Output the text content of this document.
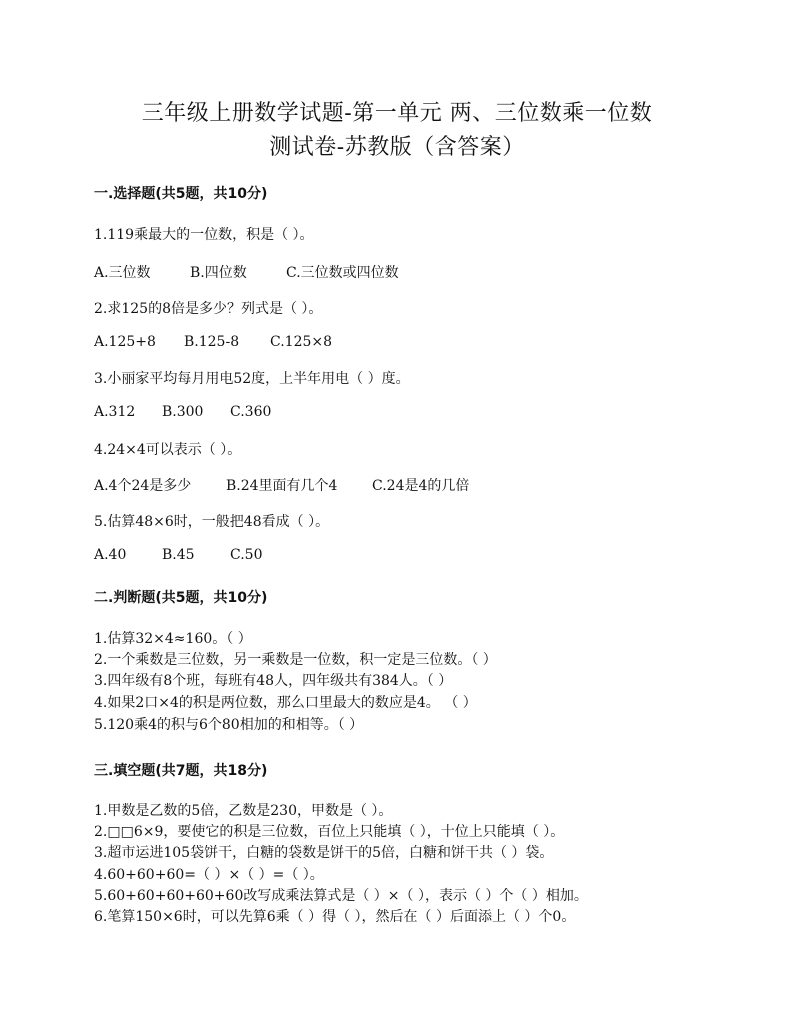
三年级上册数学试题-第一单元 两、三位数乘一位数
测试卷-苏教版（含答案）
一.选择题(共5题，共10分)
1.119乘最大的一位数，积是（ ）。
A.三位数	B.四位数	C.三位数或四位数
2.求125的8倍是多少？列式是（ ）。
A.125+8 B.125-8 C.125×8
3.小丽家平均每月用电52度，上半年用电（ ）度。
A.312 B.300 C.360
4.24×4可以表示（ ）。
A.4个24是多少 B.24里面有几个4 C.24是4的几倍
5.估算48×6时，一般把48看成（ ）。
A.40	B.45	C.50
二.判断题(共5题，共10分)
1.估算32×4≈160。（ ）
2.一个乘数是三位数，另一乘数是一位数，积一定是三位数。（ ）
3.四年级有8个班，每班有48人，四年级共有384人。（ ）
4.如果2口×4的积是两位数，那么口里最大的数应是4。 （ ）
5.120乘4的积与6个80相加的和相等。（ ）
三.填空题(共7题，共18分)
1.甲数是乙数的5倍，乙数是230，甲数是（ ）。
2.□□6×9，要使它的积是三位数，百位上只能填（ ），十位上只能填（ ）。
3.超市运进105袋饼干，白糖的袋数是饼干的5倍，白糖和饼干共（ ）袋。
4.60+60+60=（ ）×（ ）=（ ）。
5.60+60+60+60+60改写成乘法算式是（ ）×（ ），表示（ ）个（ ）相加。
6.笔算150×6时，可以先算6乘（ ）得（ ），然后在（ ）后面添上（ ）个0。
